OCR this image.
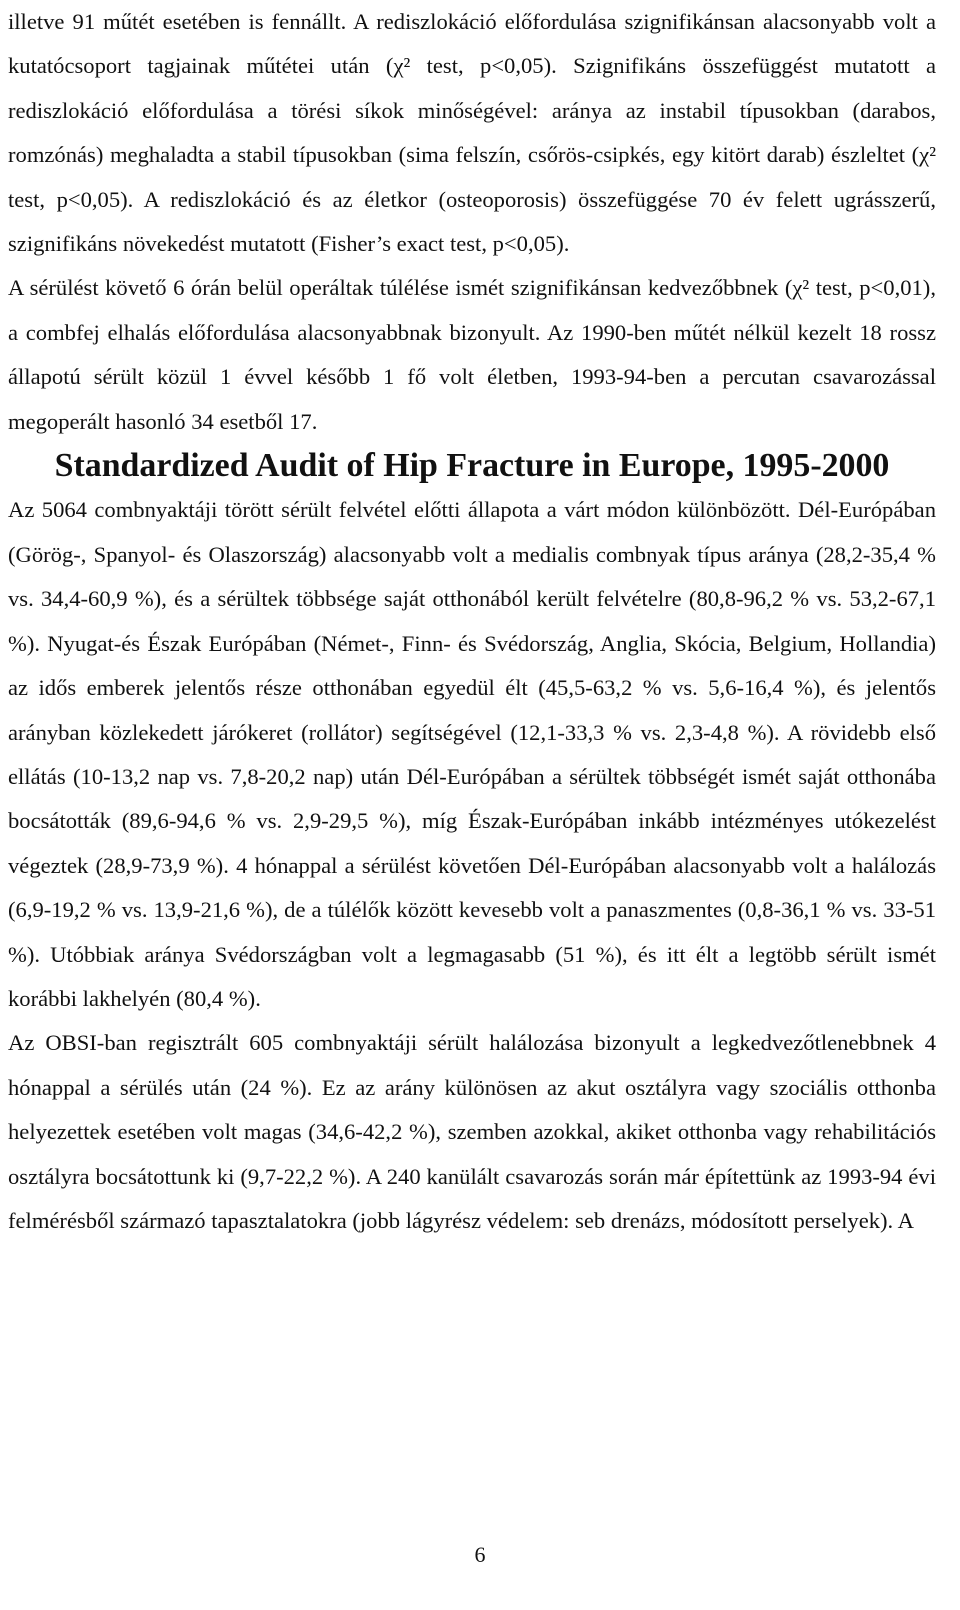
illetve 91 műtét esetében is fennállt. A rediszlokáció előfordulása szignifikánsan alacsonyabb volt a kutatócsoport tagjainak műtétei után (χ² test, p<0,05). Szignifikáns összefüggést mutatott a rediszlokáció előfordulása a törési síkok minőségével: aránya az instabil típusokban (darabos, romzónás) meghaladta a stabil típusokban (sima felszín, csőrös-csipkés, egy kitört darab) észleltet (χ² test, p<0,05). A rediszlokáció és az életkor (osteoporosis) összefüggése 70 év felett ugrásszerű, szignifikáns növekedést mutatott (Fisher’s exact test, p<0,05).

A sérülést követő 6 órán belül operáltak túlélése ismét szignifikánsan kedvezőbbnek (χ² test, p<0,01), a combfej elhalás előfordulása alacsonyabbnak bizonyult. Az 1990-ben műtét nélkül kezelt 18 rossz állapotú sérült közül 1 évvel később 1 fő volt életben, 1993-94-ben a percutan csavarozással megoperált hasonló 34 esetből 17.

Standardized Audit of Hip Fracture in Europe, 1995-2000

Az 5064 combnyaktáji törött sérült felvétel előtti állapota a várt módon különbözött. Dél-Európában (Görög-, Spanyol- és Olaszország) alacsonyabb volt a medialis combnyak típus aránya (28,2-35,4 % vs. 34,4-60,9 %), és a sérültek többsége saját otthonából került felvételre (80,8-96,2 % vs. 53,2-67,1 %). Nyugat-és Észak Európában (Német-, Finn- és Svédország, Anglia, Skócia, Belgium, Hollandia) az idős emberek jelentős része otthonában egyedül élt (45,5-63,2 % vs. 5,6-16,4 %), és jelentős arányban közlekedett járókeret (rollátor) segítségével (12,1-33,3 % vs. 2,3-4,8 %). A rövidebb első ellátás (10-13,2 nap vs. 7,8-20,2 nap) után Dél-Európában a sérültek többségét ismét saját otthonába bocsátották (89,6-94,6 % vs. 2,9-29,5 %), míg Észak-Európában inkább intézményes utókezelést végeztek (28,9-73,9 %). 4 hónappal a sérülést követően Dél-Európában alacsonyabb volt a halálozás (6,9-19,2 % vs. 13,9-21,6 %), de a túlélők között kevesebb volt a panaszmentes (0,8-36,1 % vs. 33-51 %). Utóbbiak aránya Svédországban volt a legmagasabb (51 %), és itt élt a legtöbb sérült ismét korábbi lakhelyén (80,4 %).

Az OBSI-ban regisztrált 605 combnyaktáji sérült halálozása bizonyult a legkedvezőtlenebbnek 4 hónappal a sérülés után (24 %). Ez az arány különösen az akut osztályra vagy szociális otthonba helyezettek esetében volt magas (34,6-42,2 %), szemben azokkal, akiket otthonba vagy rehabilitációs osztályra bocsátottunk ki (9,7-22,2 %). A 240 kanülált csavarozás során már építettünk az 1993-94 évi felmérésből származó tapasztalatokra (jobb lágyrész védelem: seb drenázs, módosított perselyek). A

6
